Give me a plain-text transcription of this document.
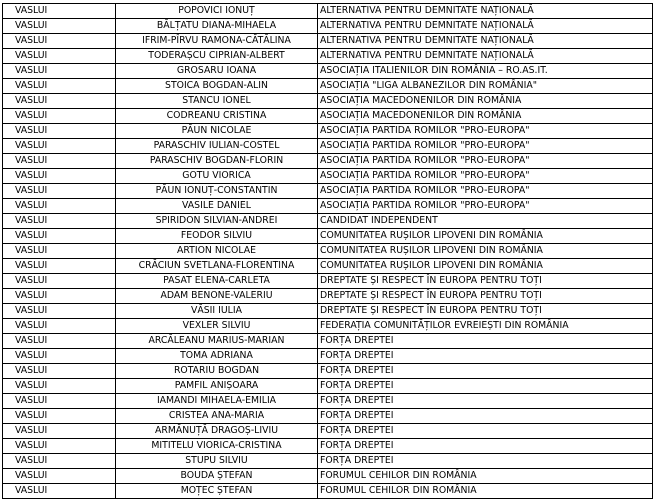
VASLUI	POPOVICI IONUȚ	ALTERNATIVA PENTRU DEMNITATE NAȚIONALĂ
VASLUI	BĂLȚATU DIANA-MIHAELA	ALTERNATIVA PENTRU DEMNITATE NAȚIONALĂ
VASLUI	IFRIM-PÎRVU RAMONA-CĂTĂLINA	ALTERNATIVA PENTRU DEMNITATE NAȚIONALĂ
VASLUI	TODERAȘCU CIPRIAN-ALBERT	ALTERNATIVA PENTRU DEMNITATE NAȚIONALĂ
VASLUI	GROSARU IOANA	ASOCIAȚIA ITALIENILOR DIN ROMÂNIA – RO.AS.IT.
VASLUI	STOICA BOGDAN-ALIN	ASOCIAȚIA "LIGA ALBANEZILOR DIN ROMÂNIA"
VASLUI	STANCU IONEL	ASOCIAȚIA MACEDONENILOR DIN ROMÂNIA
VASLUI	CODREANU CRISTINA	ASOCIAȚIA MACEDONENILOR DIN ROMÂNIA
VASLUI	PĂUN NICOLAE	ASOCIAȚIA PARTIDA ROMILOR "PRO-EUROPA"
VASLUI	PARASCHIV IULIAN-COSTEL	ASOCIAȚIA PARTIDA ROMILOR "PRO-EUROPA"
VASLUI	PARASCHIV BOGDAN-FLORIN	ASOCIAȚIA PARTIDA ROMILOR "PRO-EUROPA"
VASLUI	GOTU VIORICA	ASOCIAȚIA PARTIDA ROMILOR "PRO-EUROPA"
VASLUI	PĂUN IONUȚ-CONSTANTIN	ASOCIAȚIA PARTIDA ROMILOR "PRO-EUROPA"
VASLUI	VASILE DANIEL	ASOCIAȚIA PARTIDA ROMILOR "PRO-EUROPA"
VASLUI	SPIRIDON SILVIAN-ANDREI	CANDIDAT INDEPENDENT
VASLUI	FEODOR SILVIU	COMUNITATEA RUȘILOR LIPOVENI DIN ROMÂNIA
VASLUI	ARTION NICOLAE	COMUNITATEA RUȘILOR LIPOVENI DIN ROMÂNIA
VASLUI	CRĂCIUN SVETLANA-FLORENTINA	COMUNITATEA RUȘILOR LIPOVENI DIN ROMÂNIA
VASLUI	PASAT ELENA-CARLETA	DREPTATE ȘI RESPECT ÎN EUROPA PENTRU TOȚI
VASLUI	ADAM BENONE-VALERIU	DREPTATE ȘI RESPECT ÎN EUROPA PENTRU TOȚI
VASLUI	VĂSII IULIA	DREPTATE ȘI RESPECT ÎN EUROPA PENTRU TOȚI
VASLUI	VEXLER SILVIU	FEDERAȚIA COMUNITĂȚILOR EVREIEȘTI DIN ROMÂNIA
VASLUI	ARCĂLEANU MARIUS-MARIAN	FORȚA DREPTEI
VASLUI	TOMA ADRIANA	FORȚA DREPTEI
VASLUI	ROTARIU BOGDAN	FORȚA DREPTEI
VASLUI	PAMFIL ANIȘOARA	FORȚA DREPTEI
VASLUI	IAMANDI MIHAELA-EMILIA	FORȚA DREPTEI
VASLUI	CRISTEA ANA-MARIA	FORȚA DREPTEI
VASLUI	ARMĂNUȚĂ DRAGOȘ-LIVIU	FORȚA DREPTEI
VASLUI	MITITELU VIORICA-CRISTINA	FORȚA DREPTEI
VASLUI	STUPU SILVIU	FORȚA DREPTEI
VASLUI	BOUDA ȘTEFAN	FORUMUL CEHILOR DIN ROMÂNIA
VASLUI	MOȚEC ȘTEFAN	FORUMUL CEHILOR DIN ROMÂNIA
